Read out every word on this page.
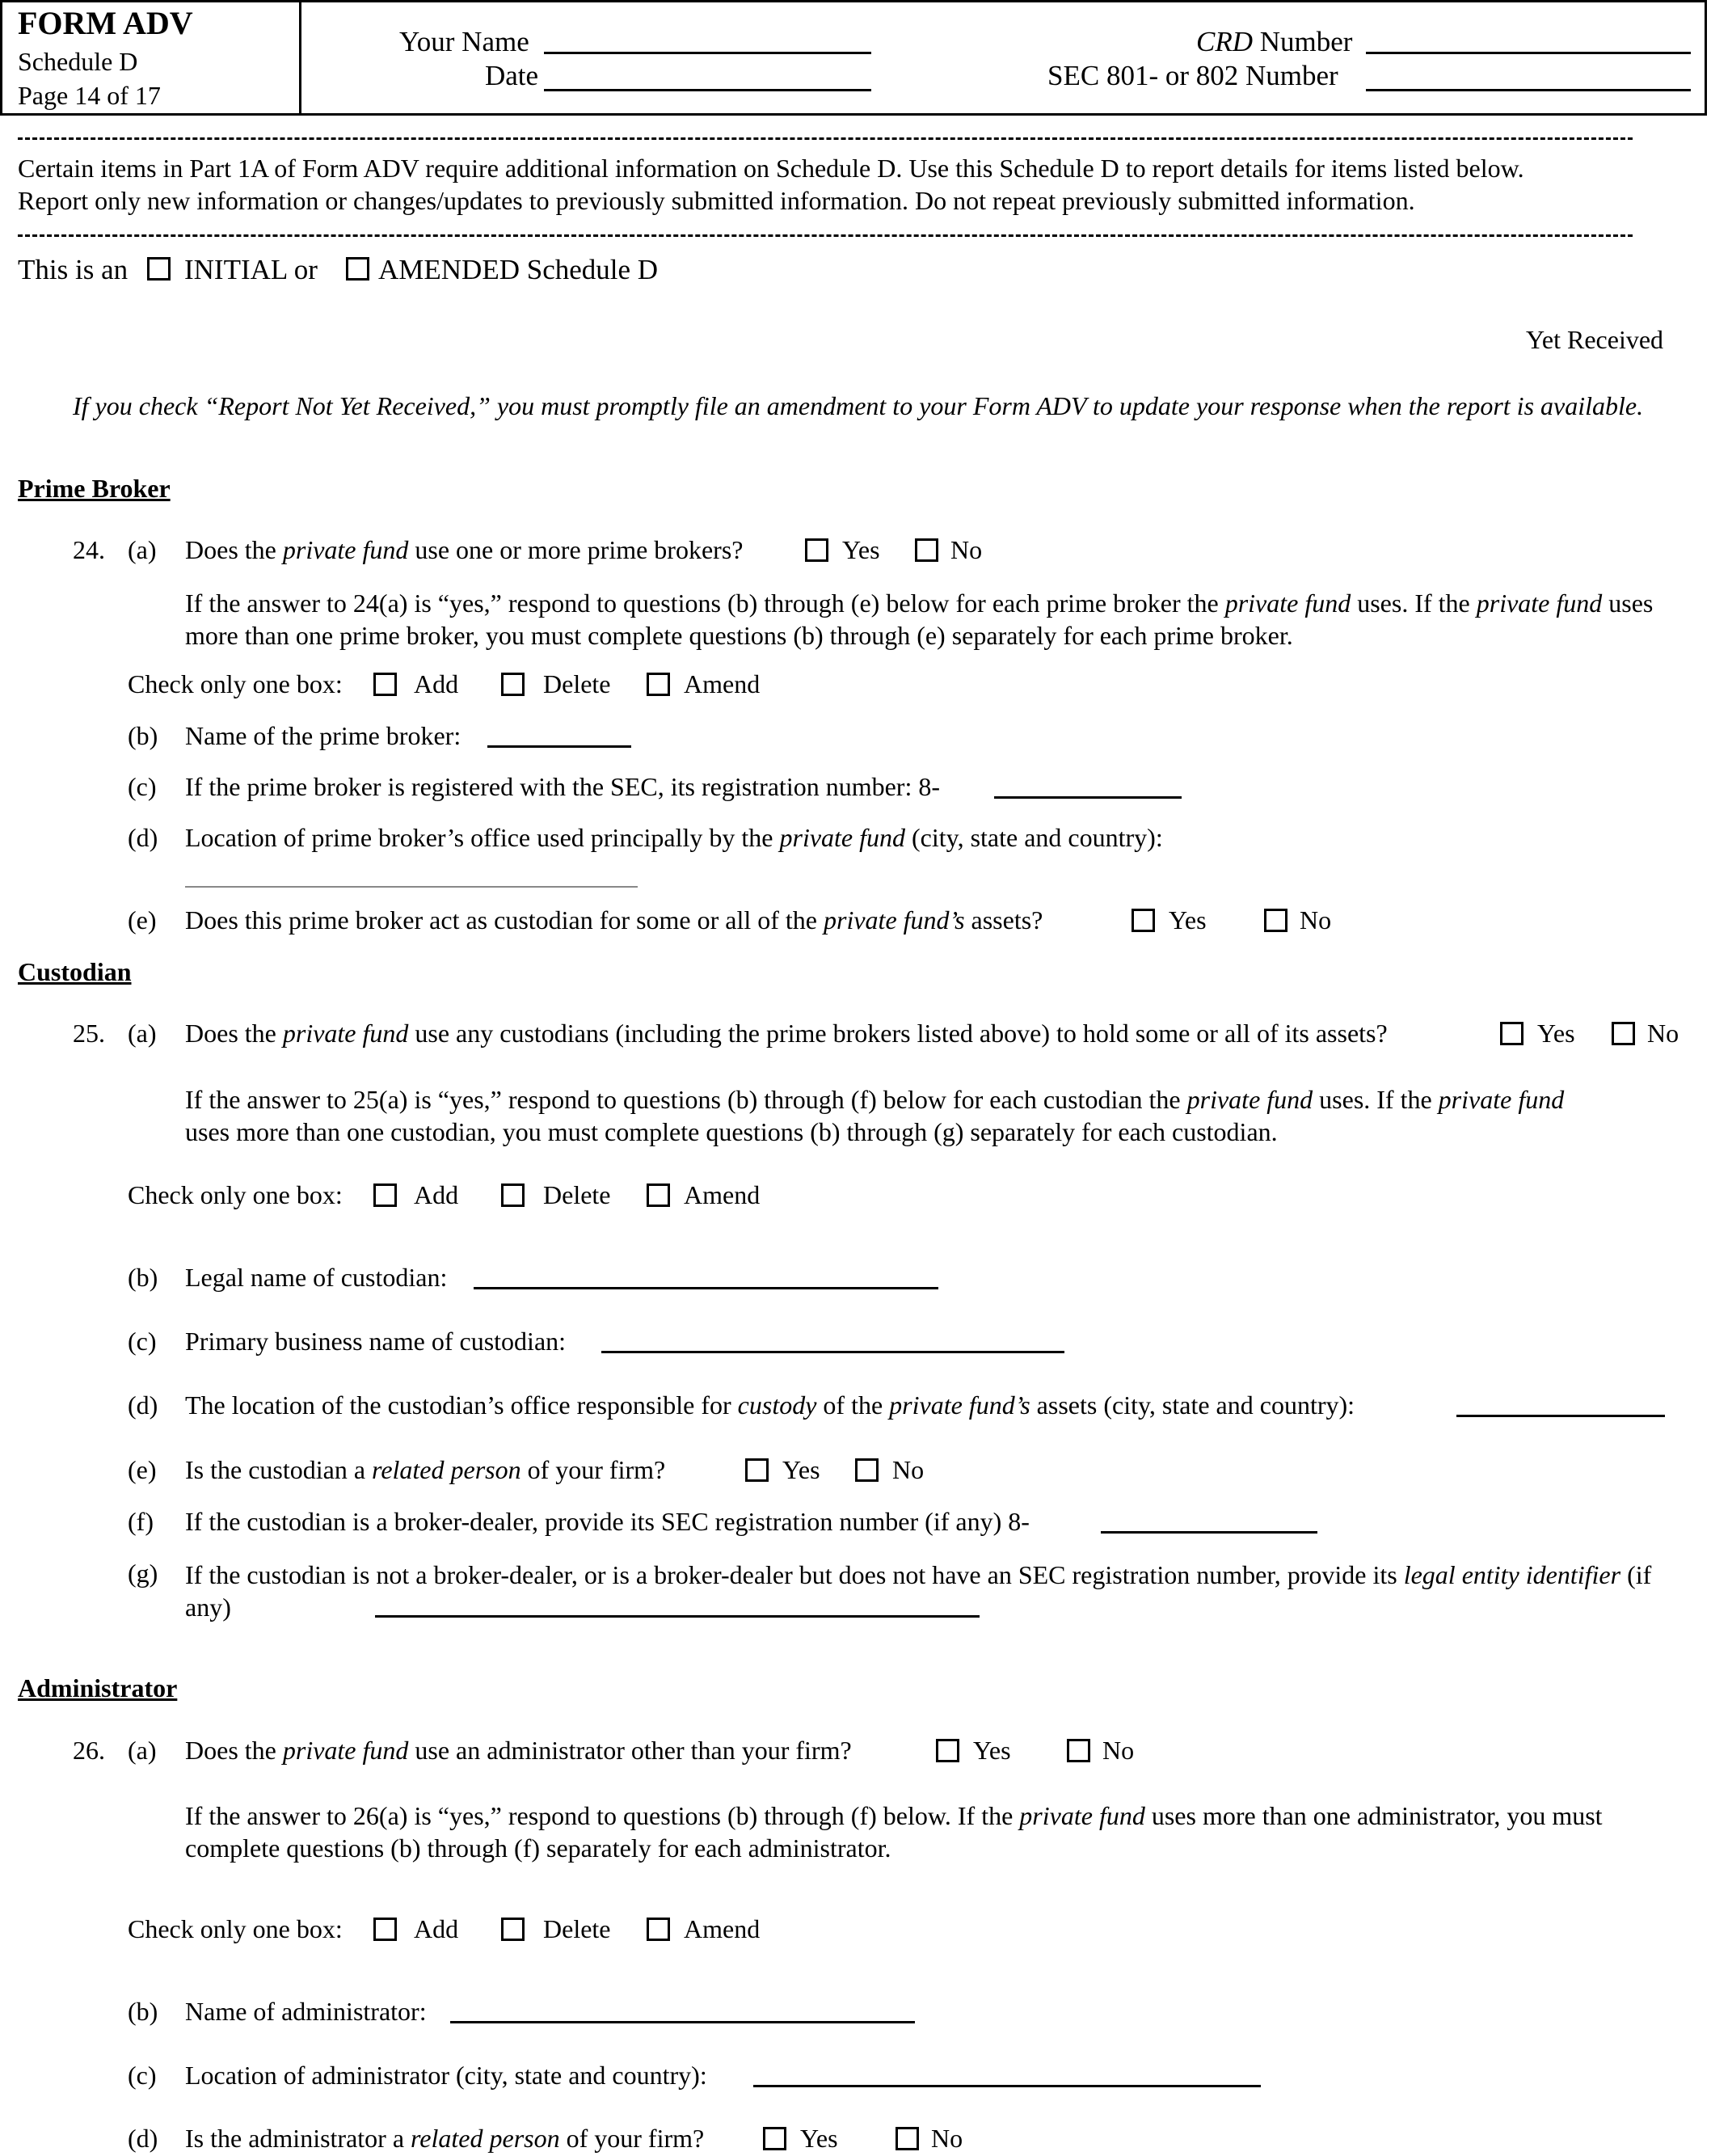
FORM ADV
Schedule D
Page 14 of 17
Your Name
Date
CRD Number
SEC 801- or 802 Number
Certain items in Part 1A of Form ADV require additional information on Schedule D. Use this Schedule D to report details for items listed below.
Report only new information or changes/updates to previously submitted information. Do not repeat previously submitted information.
This is an INITIAL or AMENDED Schedule D
Yet Received
If you check “Report Not Yet Received,” you must promptly file an amendment to your Form ADV to update your response when the report is available.
Prime Broker
24. (a) Does the private fund use one or more prime brokers?	Yes	No
If the answer to 24(a) is “yes,” respond to questions (b) through (e) below for each prime broker the private fund uses. If the private fund uses more than one prime broker, you must complete questions (b) through (e) separately for each prime broker.
Check only one box:	Add	Delete	Amend
(b) Name of the prime broker:
(c) If the prime broker is registered with the SEC, its registration number: 8-
(d) Location of prime broker’s office used principally by the private fund (city, state and country):
(e) Does this prime broker act as custodian for some or all of the private fund’s assets?	Yes	No
Custodian
25. (a) Does the private fund use any custodians (including the prime brokers listed above) to hold some or all of its assets?	Yes	No
If the answer to 25(a) is “yes,” respond to questions (b) through (f) below for each custodian the private fund uses. If the private fund
uses more than one custodian, you must complete questions (b) through (g) separately for each custodian.
Check only one box:	Add	Delete	Amend
(b) Legal name of custodian:
(c) Primary business name of custodian:
(d) The location of the custodian’s office responsible for custody of the private fund’s assets (city, state and country):
(e) Is the custodian a related person of your firm?	Yes	No
(f) If the custodian is a broker-dealer, provide its SEC registration number (if any) 8-
(g) If the custodian is not a broker-dealer, or is a broker-dealer but does not have an SEC registration number, provide its legal entity identifier (if any)
Administrator
26. (a) Does the private fund use an administrator other than your firm?	Yes	No
If the answer to 26(a) is “yes,” respond to questions (b) through (f) below. If the private fund uses more than one administrator, you must complete questions (b) through (f) separately for each administrator.
Check only one box:	Add	Delete	Amend
(b) Name of administrator:
(c) Location of administrator (city, state and country):
(d) Is the administrator a related person of your firm?	Yes	No
